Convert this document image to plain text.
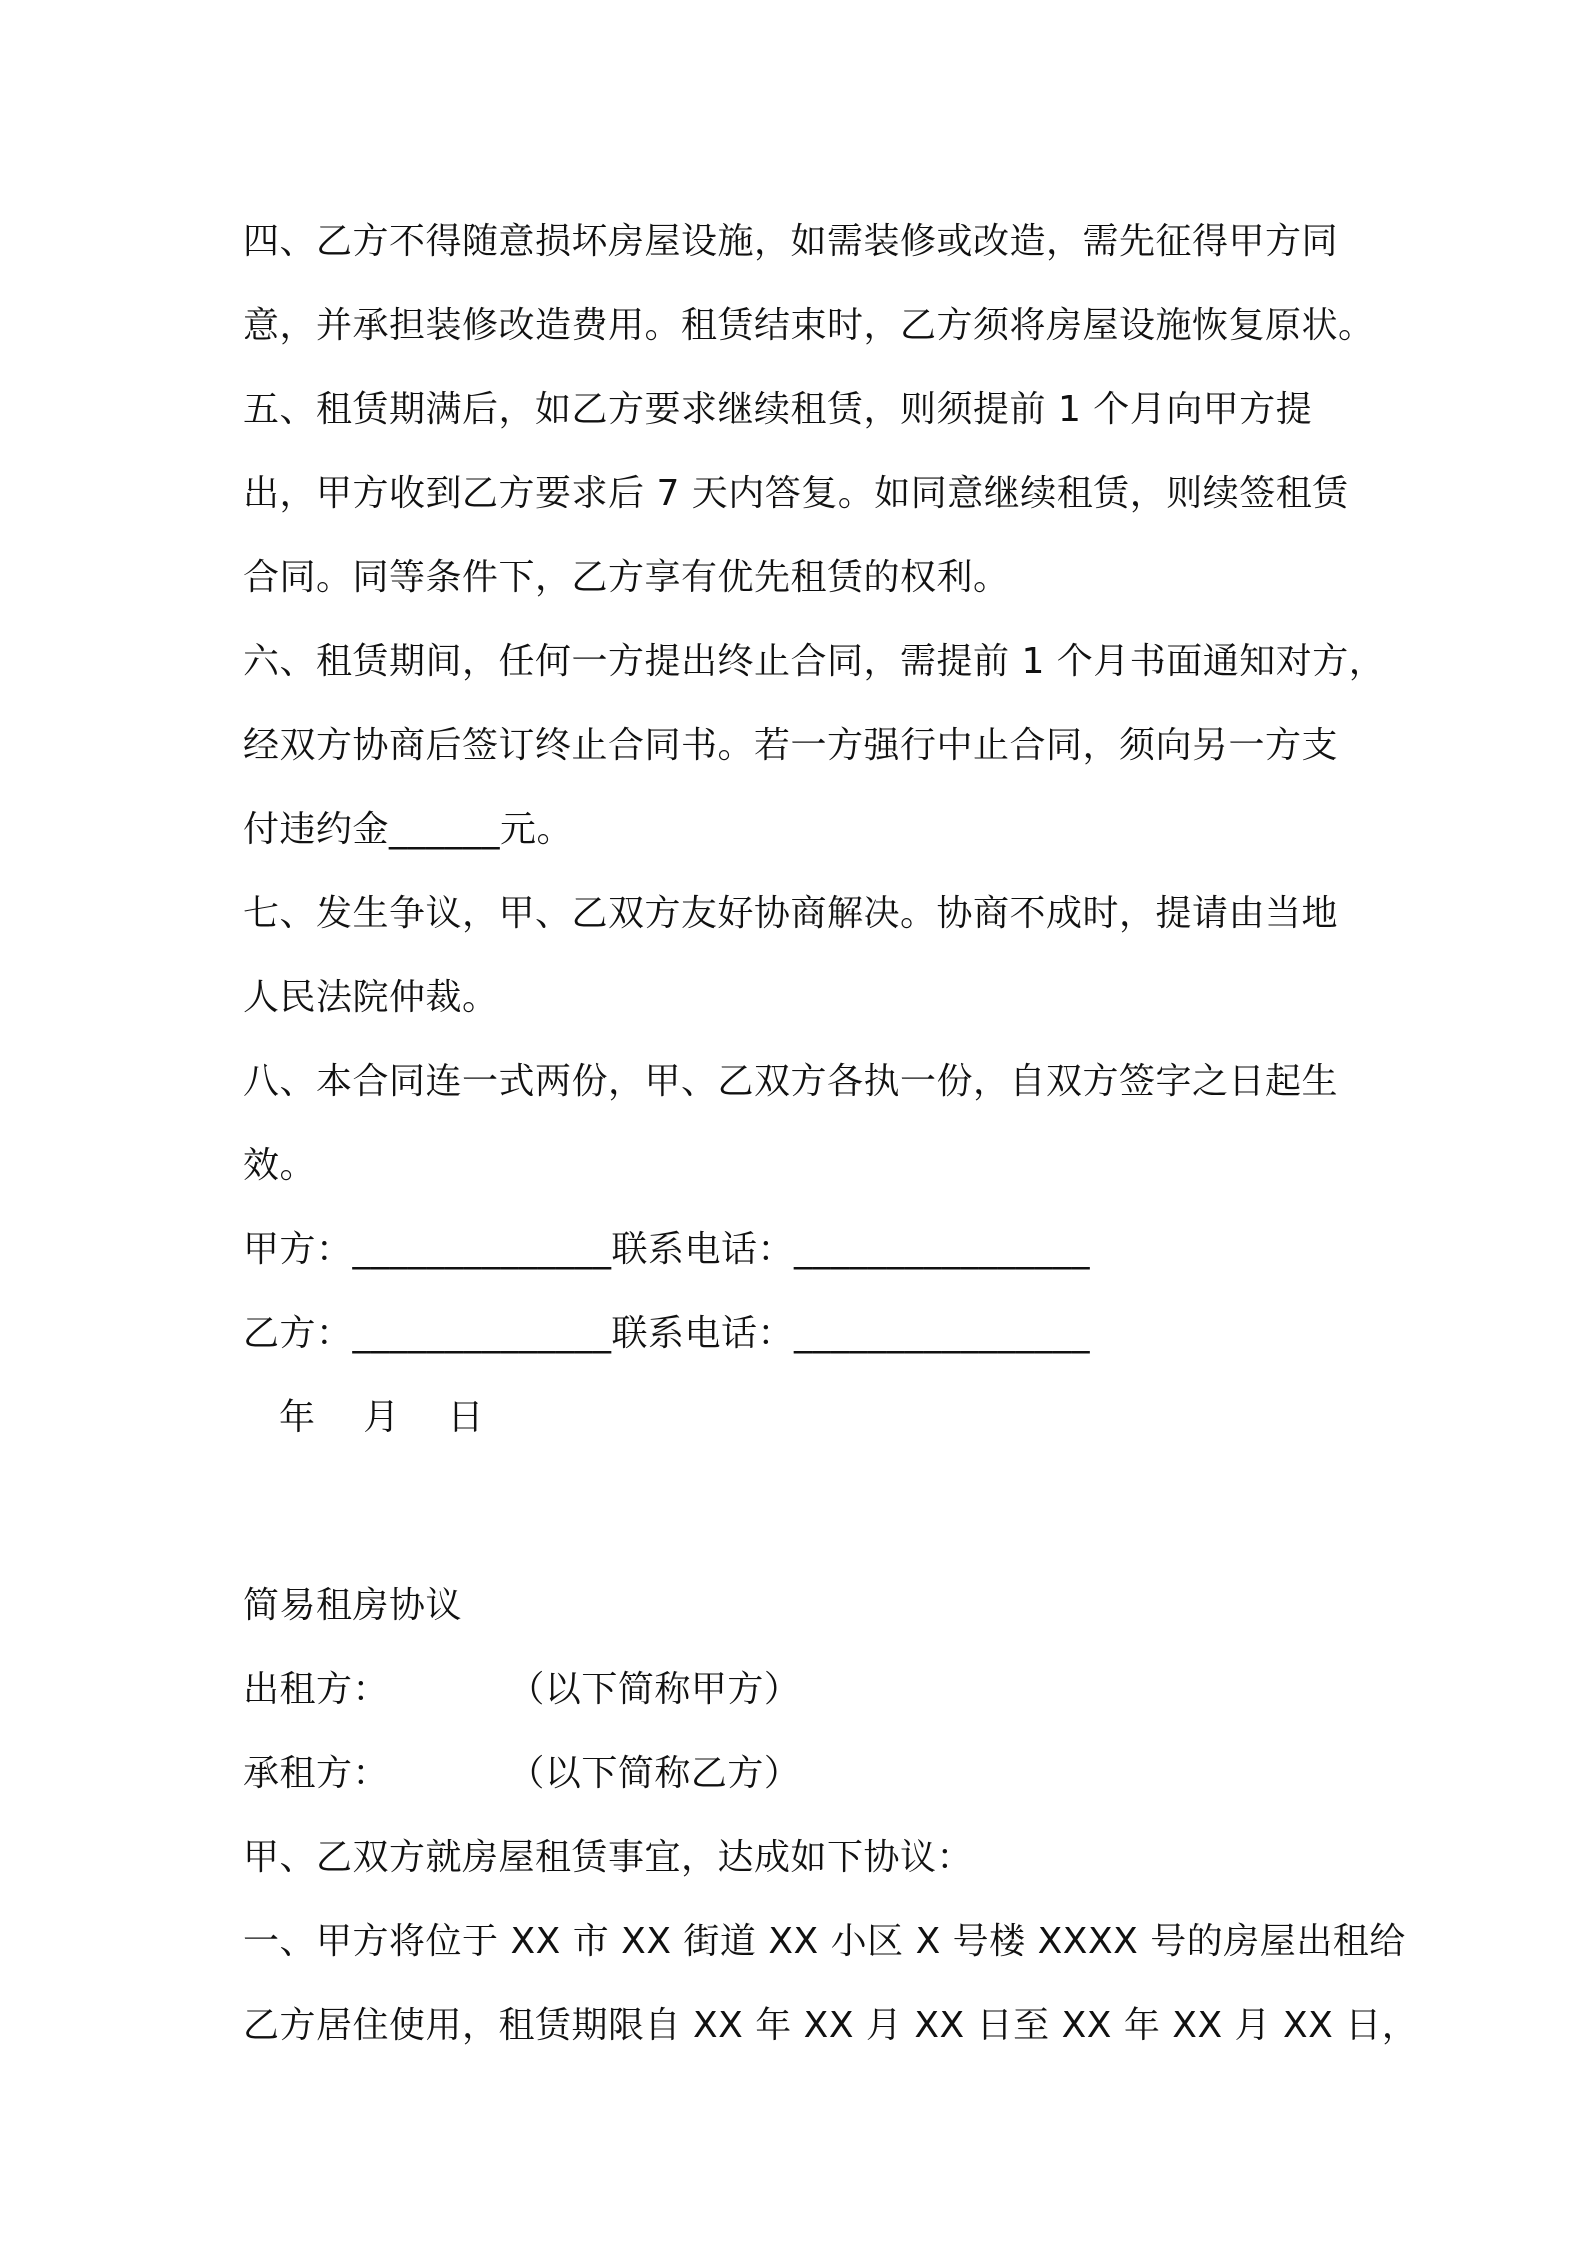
四、乙方不得随意损坏房屋设施，如需装修或改造，需先征得甲方同
意，并承担装修改造费用。租赁结束时，乙方须将房屋设施恢复原状。
五、租赁期满后，如乙方要求继续租赁，则须提前 1 个月向甲方提
出，甲方收到乙方要求后 7 天内答复。如同意继续租赁，则续签租赁
合同。同等条件下，乙方享有优先租赁的权利。
六、租赁期间，任何一方提出终止合同，需提前 1 个月书面通知对方，
经双方协商后签订终止合同书。若一方强行中止合同，须向另一方支
付违约金______元。
七、发生争议，甲、乙双方友好协商解决。协商不成时，提请由当地
人民法院仲裁。
八、本合同连一式两份，甲、乙双方各执一份，自双方签字之日起生
效。
甲方：______________联系电话：________________
乙方：______________联系电话：________________
年    月    日
简易租房协议
出租方：          （以下简称甲方）
承租方：          （以下简称乙方）
甲、乙双方就房屋租赁事宜，达成如下协议：
一、甲方将位于 XX 市 XX 街道 XX 小区 X 号楼 XXXX 号的房屋出租给
乙方居住使用，租赁期限自 XX 年 XX 月 XX 日至 XX 年 XX 月 XX 日，
